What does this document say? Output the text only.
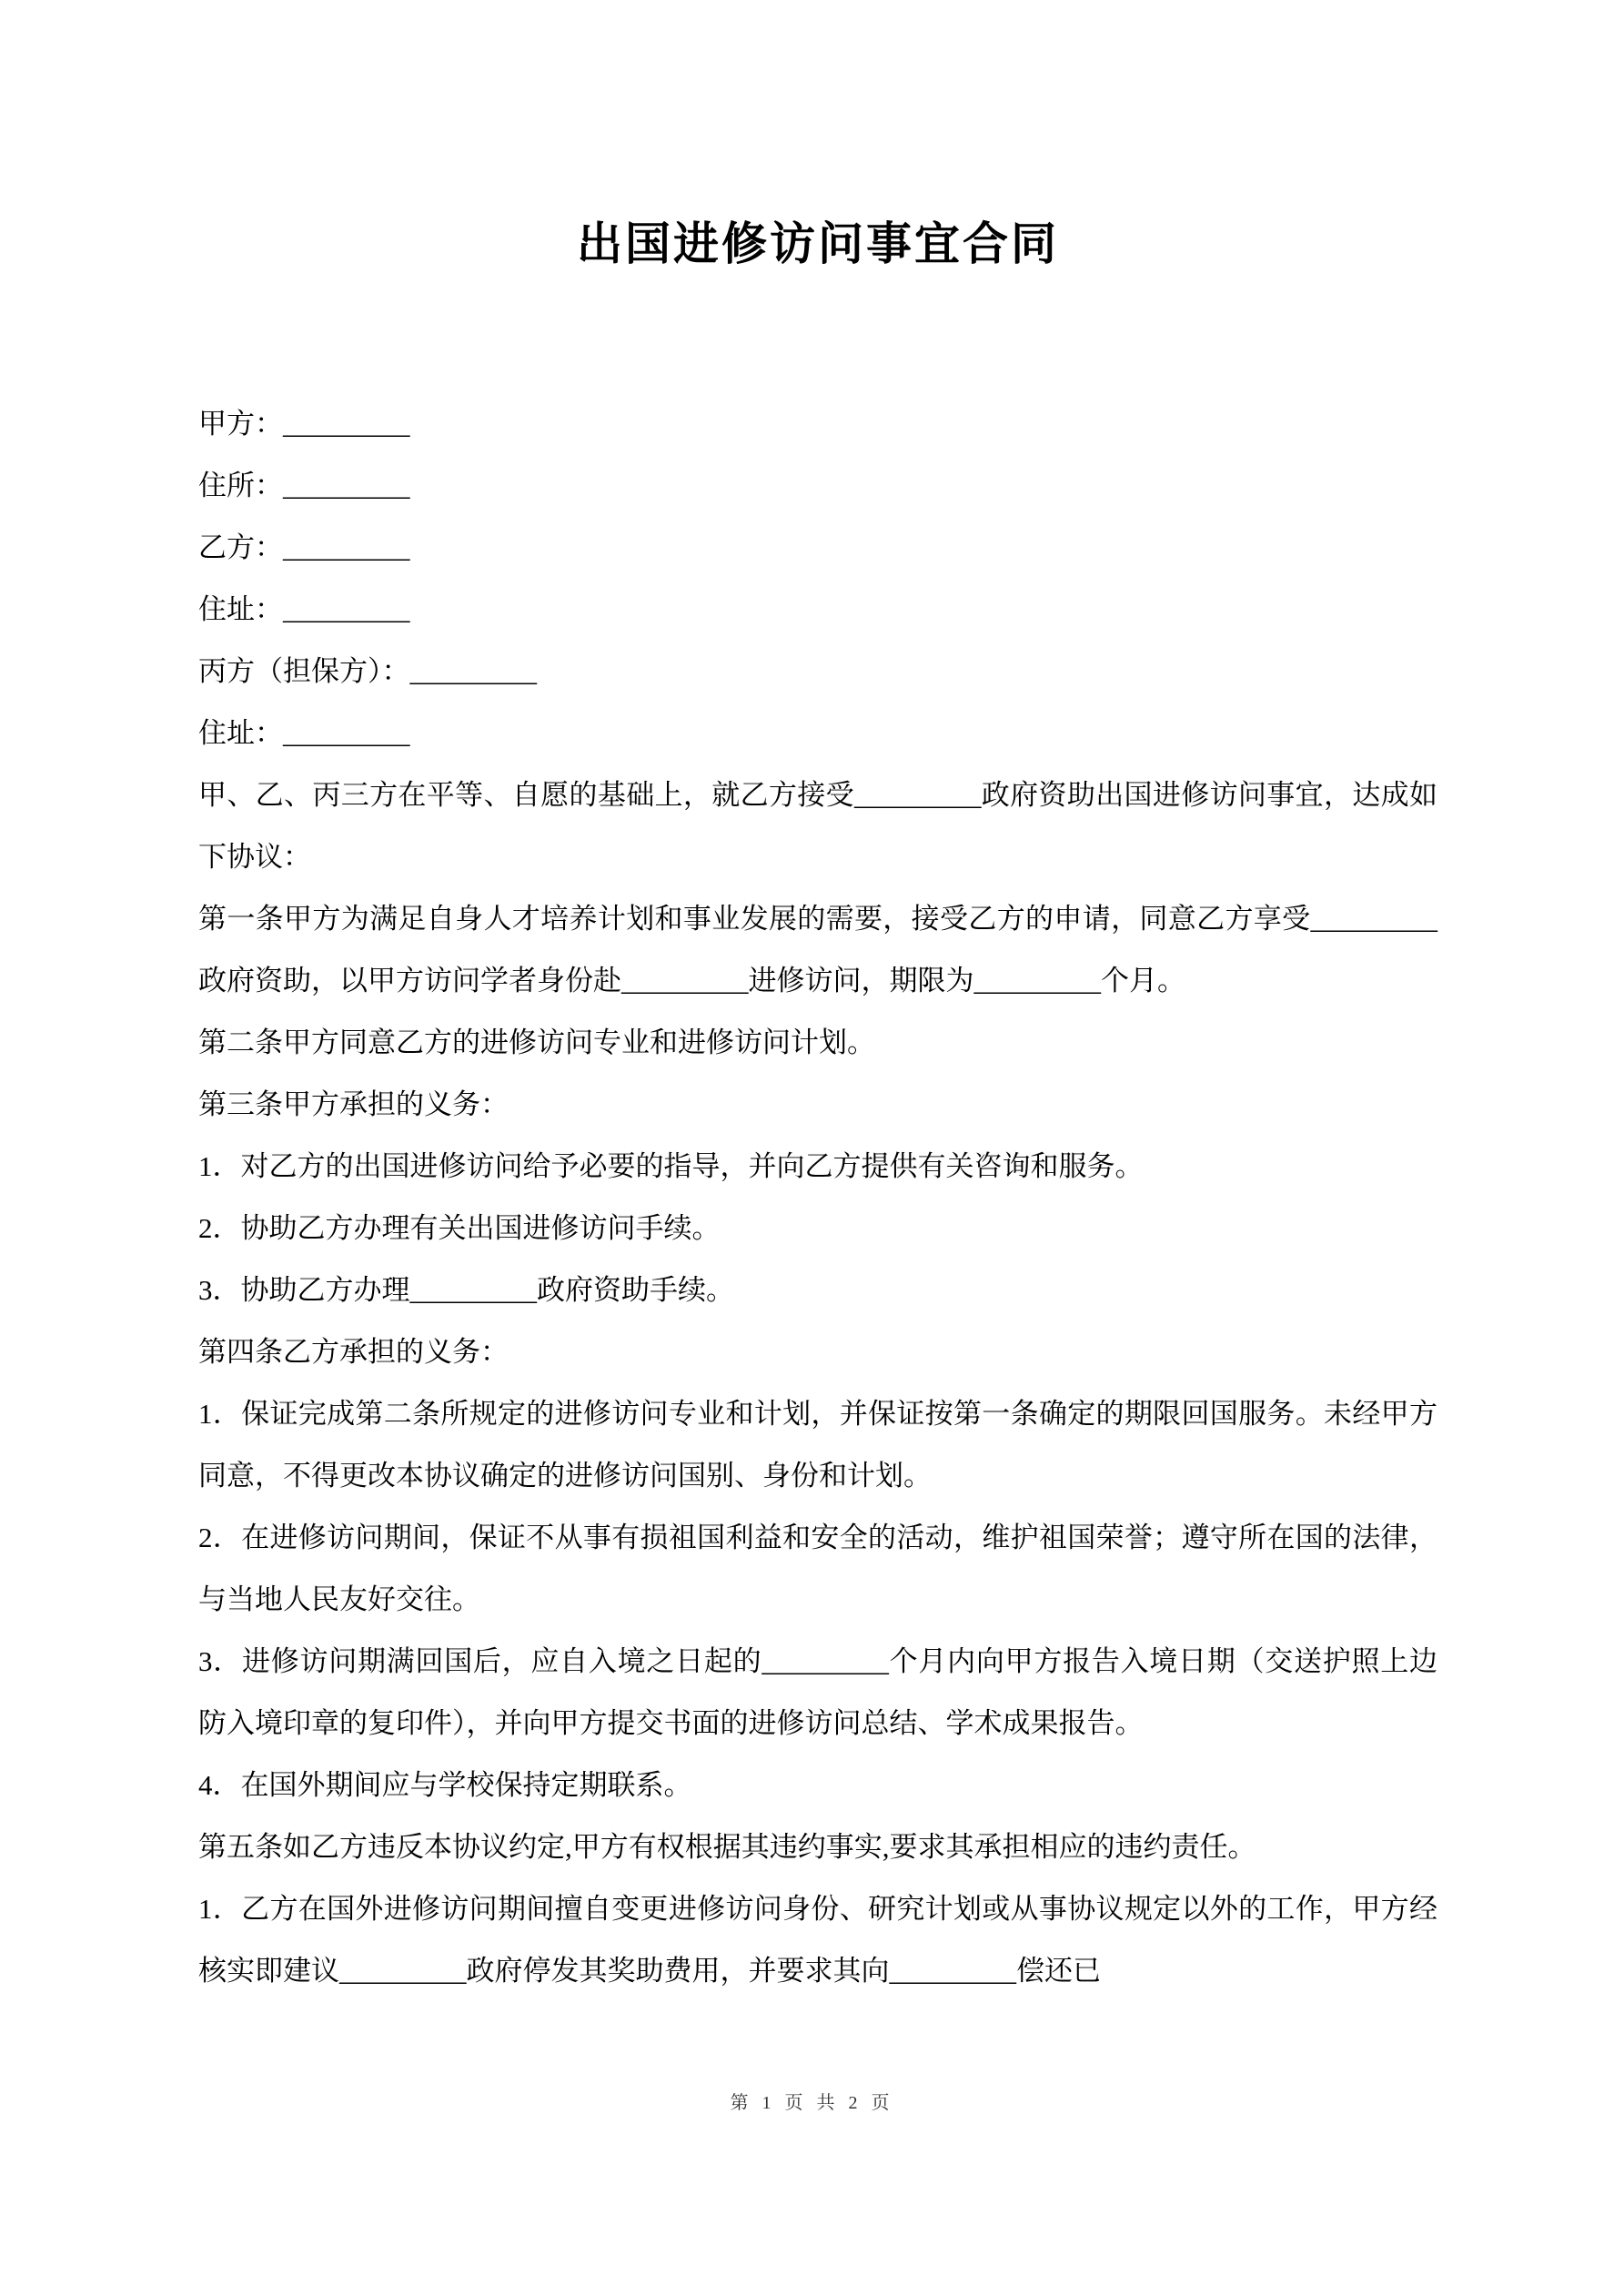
出国进修访问事宜合同
甲方：_________
住所：_________
乙方：_________
住址：_________
丙方（担保方）：_________
住址：_________

甲、乙、丙三方在平等、自愿的基础上，就乙方接受_________政府资助出国进修访问事宜，达成如下协议：

第一条甲方为满足自身人才培养计划和事业发展的需要，接受乙方的申请，同意乙方享受_________政府资助，以甲方访问学者身份赴_________进修访问，期限为_________个月。

第二条甲方同意乙方的进修访问专业和进修访问计划。

第三条甲方承担的义务：

1．对乙方的出国进修访问给予必要的指导，并向乙方提供有关咨询和服务。

2．协助乙方办理有关出国进修访问手续。

3．协助乙方办理_________政府资助手续。

第四条乙方承担的义务：

1．保证完成第二条所规定的进修访问专业和计划，并保证按第一条确定的期限回国服务。未经甲方同意，不得更改本协议确定的进修访问国别、身份和计划。

2．在进修访问期间，保证不从事有损祖国利益和安全的活动，维护祖国荣誉；遵守所在国的法律，与当地人民友好交往。

3．进修访问期满回国后，应自入境之日起的_________个月内向甲方报告入境日期（交送护照上边防入境印章的复印件），并向甲方提交书面的进修访问总结、学术成果报告。

4．在国外期间应与学校保持定期联系。

第五条如乙方违反本协议约定,甲方有权根据其违约事实,要求其承担相应的违约责任。

1．乙方在国外进修访问期间擅自变更进修访问身份、研究计划或从事协议规定以外的工作，甲方经核实即建议_________政府停发其奖助费用，并要求其向_________偿还已

第 1 页 共 2 页
